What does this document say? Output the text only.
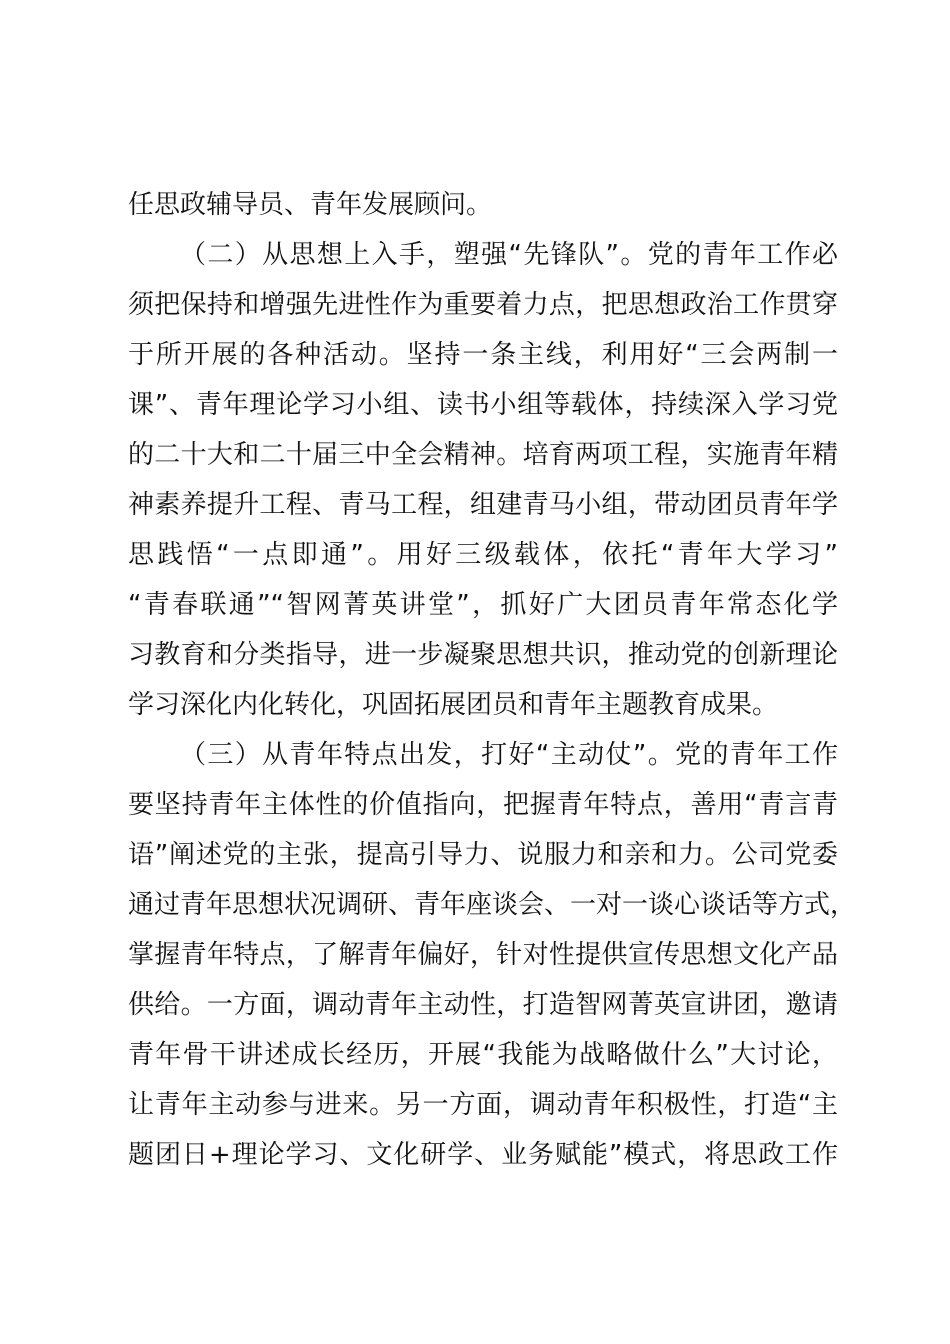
任思政辅导员、青年发展顾问。
（二）从思想上入手，塑强“先锋队”。党的青年工作必
须把保持和增强先进性作为重要着力点，把思想政治工作贯穿
于所开展的各种活动。坚持一条主线，利用好“三会两制一
课”、青年理论学习小组、读书小组等载体，持续深入学习党
的二十大和二十届三中全会精神。培育两项工程，实施青年精
神素养提升工程、青马工程，组建青马小组，带动团员青年学
思践悟“一点即通”。用好三级载体，依托“青年大学习”
“青春联通”“智网菁英讲堂”，抓好广大团员青年常态化学
习教育和分类指导，进一步凝聚思想共识，推动党的创新理论
学习深化内化转化，巩固拓展团员和青年主题教育成果。
（三）从青年特点出发，打好“主动仗”。党的青年工作
要坚持青年主体性的价值指向，把握青年特点，善用“青言青
语”阐述党的主张，提高引导力、说服力和亲和力。公司党委
通过青年思想状况调研、青年座谈会、一对一谈心谈话等方式，
掌握青年特点，了解青年偏好，针对性提供宣传思想文化产品
供给。一方面，调动青年主动性，打造智网菁英宣讲团，邀请
青年骨干讲述成长经历，开展“我能为战略做什么”大讨论，
让青年主动参与进来。另一方面，调动青年积极性，打造“主
题团日+理论学习、文化研学、业务赋能”模式，将思政工作
